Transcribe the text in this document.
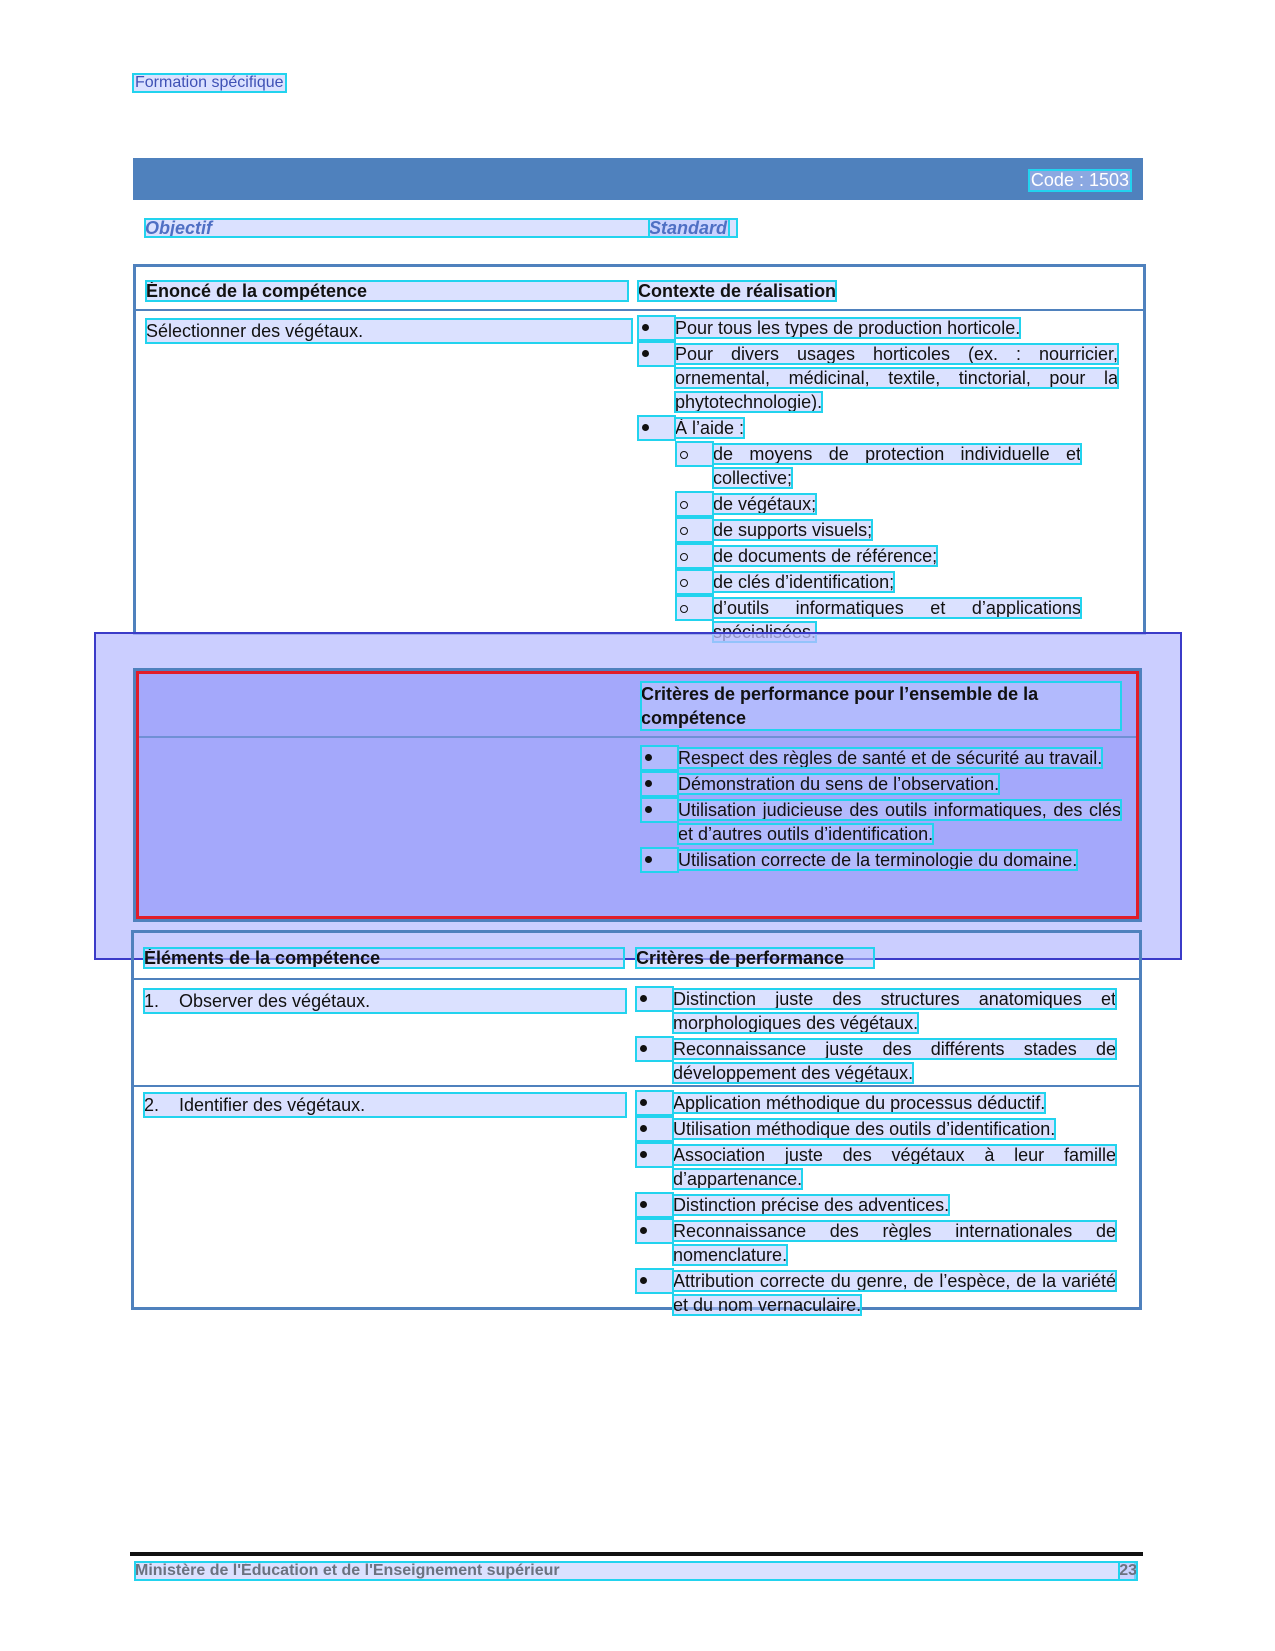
Formation spécifique
Code : 1503
Objectif	Standard
Énoncé de la compétence	Contexte de réalisation
Sélectionner des végétaux.	Pour tous les types de production horticole.
Pour divers usages horticoles (ex. : nourricier, ornemental, médicinal, textile, tinctorial, pour la phytotechnologie).
À l’aide :
de moyens de protection individuelle et collective;
de végétaux;
de supports visuels;
de documents de référence;
de clés d’identification;
d’outils informatiques et d’applications
Critères de performance pour l’ensemble de la compétence
Respect des règles de santé et de sécurité au travail.
Démonstration du sens de l’observation.
Utilisation judicieuse des outils informatiques, des clés et d’autres outils d’identification.
Utilisation correcte de la terminologie du domaine.
Éléments de la compétence	Critères de performance
1.    Observer des végétaux.	Distinction juste des structures anatomiques et morphologiques des végétaux.
Reconnaissance juste des différents stades de développement des végétaux.
2.    Identifier des végétaux.	Application méthodique du processus déductif.
Utilisation méthodique des outils d’identification.
Association juste des végétaux à leur famille d’appartenance.
Distinction précise des adventices.
Reconnaissance des règles internationales de nomenclature.
Attribution correcte du genre, de l’espèce, de la variété et du nom vernaculaire.
Ministère de l'Éducation et de l'Enseignement supérieur	23
